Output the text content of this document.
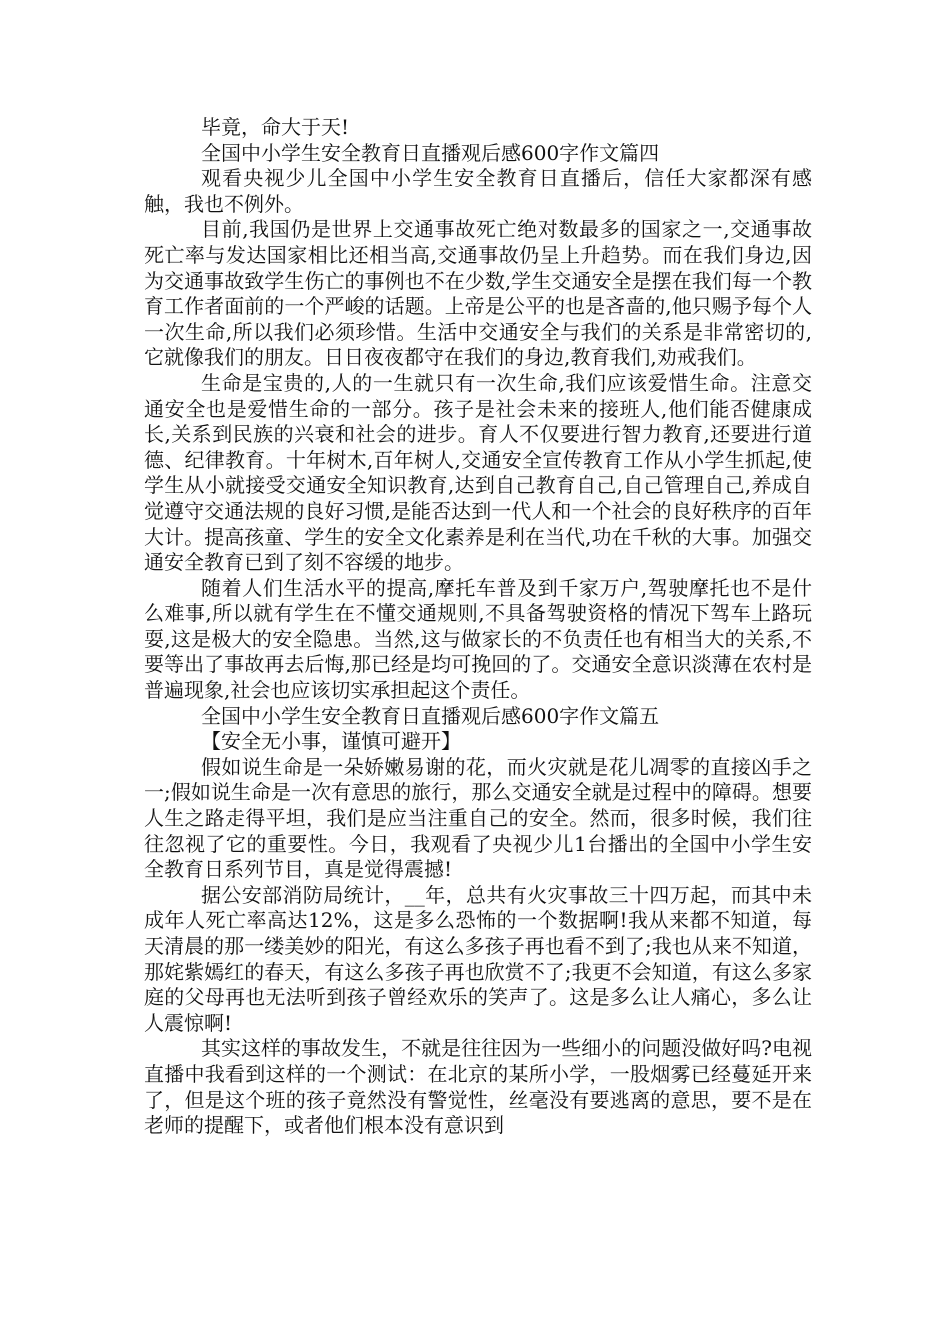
毕竟，命大于天!

全国中小学生安全教育日直播观后感600字作文篇四

观看央视少儿全国中小学生安全教育日直播后，信任大家都深有感触，我也不例外。

目前,我国仍是世界上交通事故死亡绝对数最多的国家之一,交通事故死亡率与发达国家相比还相当高,交通事故仍呈上升趋势。而在我们身边,因为交通事故致学生伤亡的事例也不在少数,学生交通安全是摆在我们每一个教育工作者面前的一个严峻的话题。上帝是公平的也是吝啬的,他只赐予每个人一次生命,所以我们必须珍惜。生活中交通安全与我们的关系是非常密切的,它就像我们的朋友。日日夜夜都守在我们的身边,教育我们,劝戒我们。

生命是宝贵的,人的一生就只有一次生命,我们应该爱惜生命。注意交通安全也是爱惜生命的一部分。孩子是社会未来的接班人,他们能否健康成长,关系到民族的兴衰和社会的进步。育人不仅要进行智力教育,还要进行道德、纪律教育。十年树木,百年树人,交通安全宣传教育工作从小学生抓起,使学生从小就接受交通安全知识教育,达到自己教育自己,自己管理自己,养成自觉遵守交通法规的良好习惯,是能否达到一代人和一个社会的良好秩序的百年大计。提高孩童、学生的安全文化素养是利在当代,功在千秋的大事。加强交通安全教育已到了刻不容缓的地步。

随着人们生活水平的提高,摩托车普及到千家万户,驾驶摩托也不是什么难事,所以就有学生在不懂交通规则,不具备驾驶资格的情况下驾车上路玩耍,这是极大的安全隐患。当然,这与做家长的不负责任也有相当大的关系,不要等出了事故再去后悔,那已经是均可挽回的了。交通安全意识淡薄在农村是普遍现象,社会也应该切实承担起这个责任。

全国中小学生安全教育日直播观后感600字作文篇五

【安全无小事，谨慎可避开】

假如说生命是一朵娇嫩易谢的花，而火灾就是花儿凋零的直接凶手之一;假如说生命是一次有意思的旅行，那么交通安全就是过程中的障碍。想要人生之路走得平坦，我们是应当注重自己的安全。然而，很多时候，我们往往忽视了它的重要性。今日，我观看了央视少儿1台播出的全国中小学生安全教育日系列节目，真是觉得震撼!

据公安部消防局统计，__年，总共有火灾事故三十四万起，而其中未成年人死亡率高达12%，这是多么恐怖的一个数据啊!我从来都不知道，每天清晨的那一缕美妙的阳光，有这么多孩子再也看不到了;我也从来不知道，那姹紫嫣红的春天，有这么多孩子再也欣赏不了;我更不会知道，有这么多家庭的父母再也无法听到孩子曾经欢乐的笑声了。这是多么让人痛心，多么让人震惊啊!

其实这样的事故发生，不就是往往因为一些细小的问题没做好吗?电视直播中我看到这样的一个测试：在北京的某所小学，一股烟雾已经蔓延开来了，但是这个班的孩子竟然没有警觉性，丝毫没有要逃离的意思，要不是在老师的提醒下，或者他们根本没有意识到
